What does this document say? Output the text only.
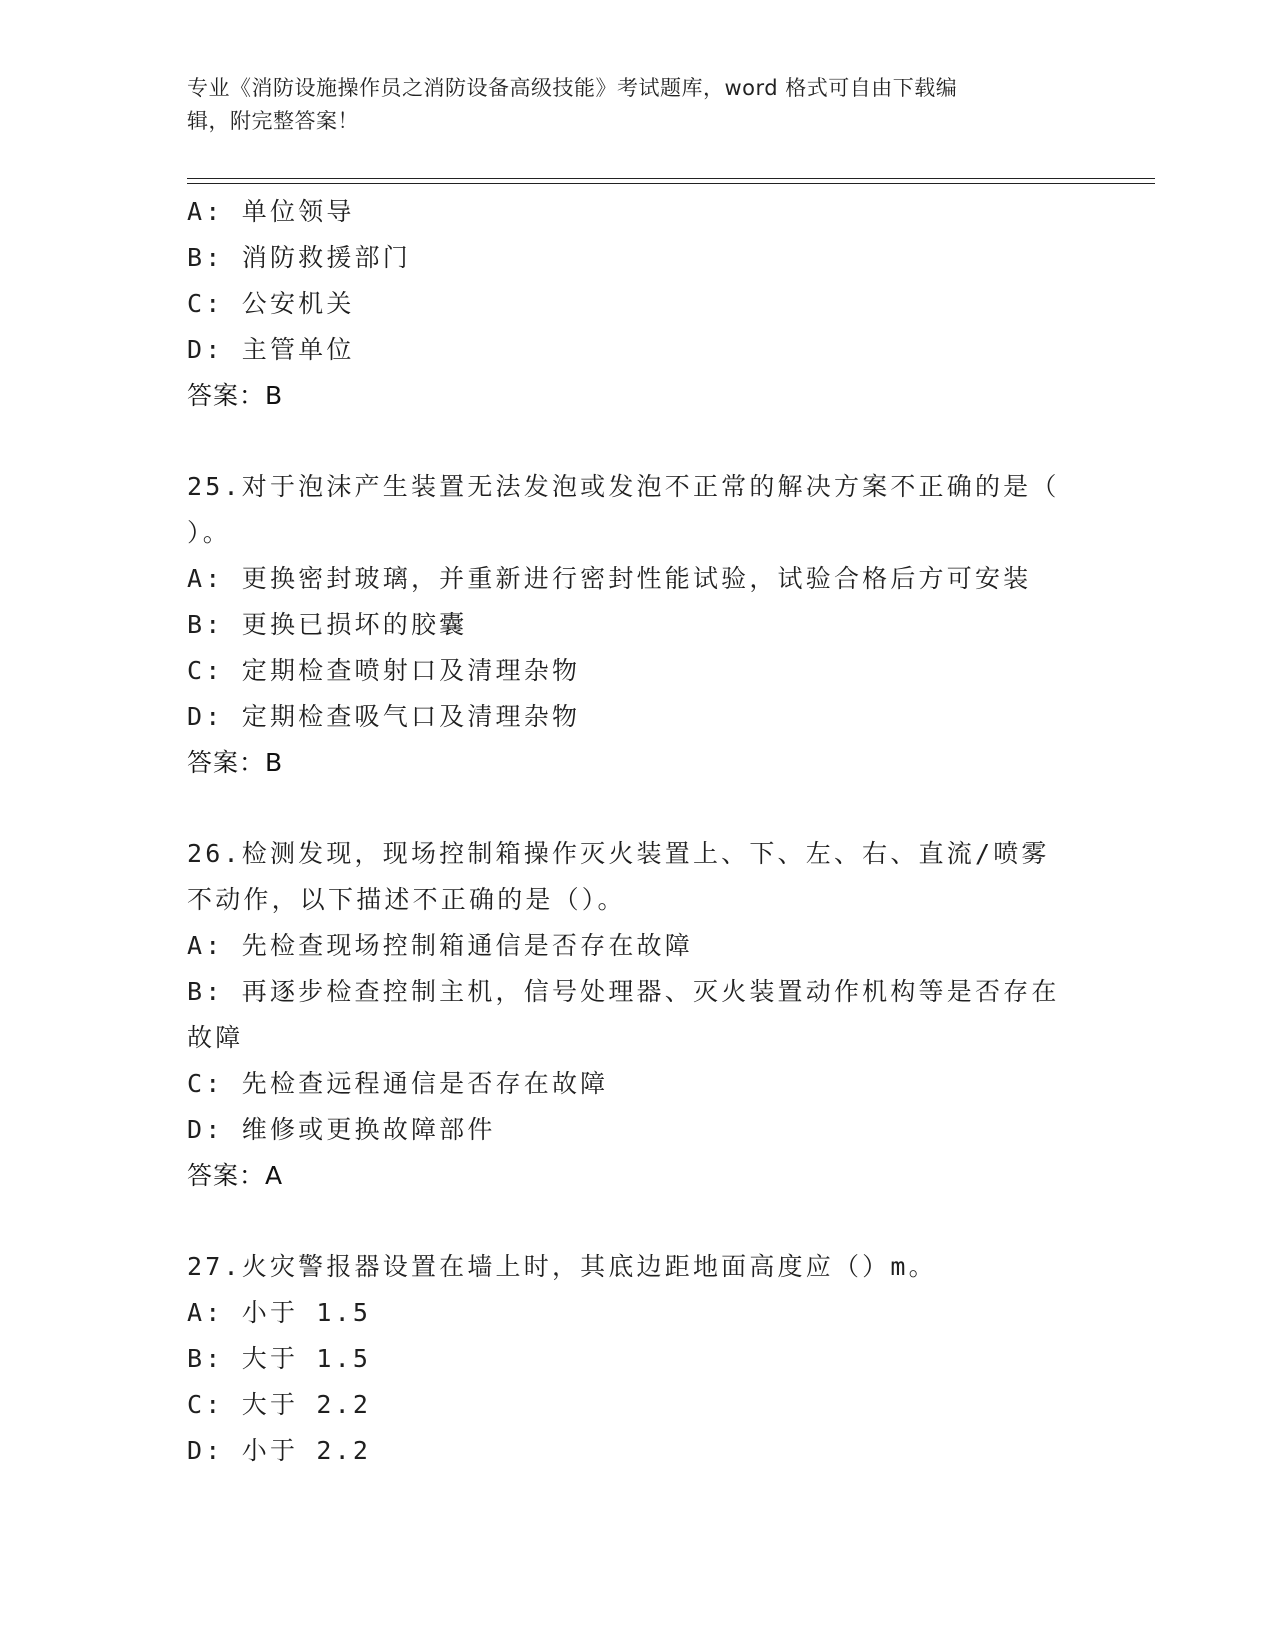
专业《消防设施操作员之消防设备高级技能》考试题库，word 格式可自由下载编
辑，附完整答案！
A: 单位领导
B: 消防救援部门
C: 公安机关
D: 主管单位
答案：B
25.对于泡沫产生装置无法发泡或发泡不正常的解决方案不正确的是（
）。
A: 更换密封玻璃，并重新进行密封性能试验，试验合格后方可安装
B: 更换已损坏的胶囊
C: 定期检查喷射口及清理杂物
D: 定期检查吸气口及清理杂物
答案：B
26.检测发现，现场控制箱操作灭火装置上、下、左、右、直流/喷雾
不动作，以下描述不正确的是（）。
A: 先检查现场控制箱通信是否存在故障
B: 再逐步检查控制主机，信号处理器、灭火装置动作机构等是否存在
故障
C: 先检查远程通信是否存在故障
D: 维修或更换故障部件
答案：A
27.火灾警报器设置在墙上时，其底边距地面高度应（）m。
A: 小于 1.5
B: 大于 1.5
C: 大于 2.2
D: 小于 2.2
